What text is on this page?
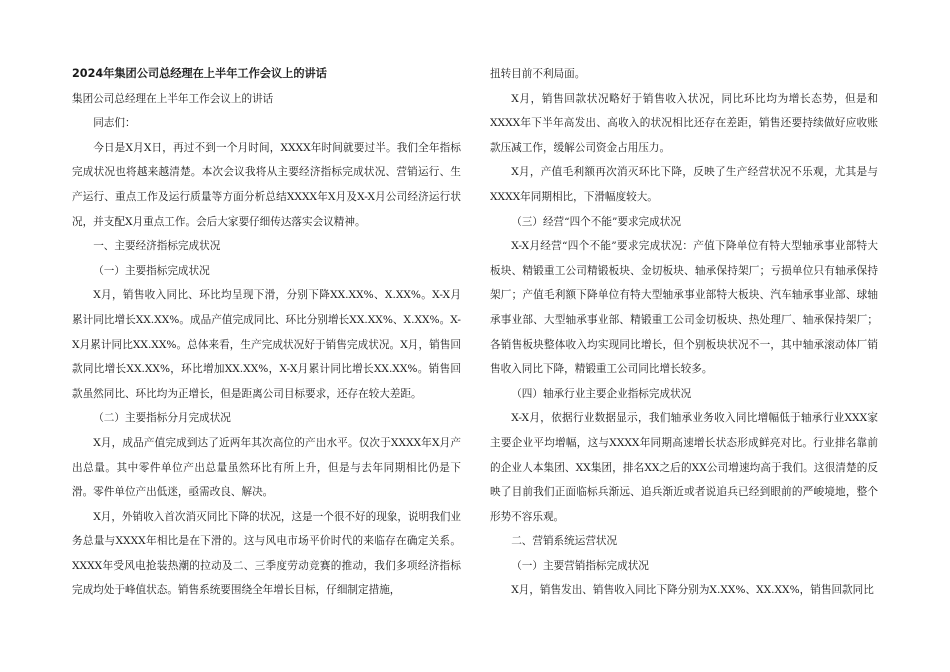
2024年集团公司总经理在上半年工作会议上的讲话

集团公司总经理在上半年工作会议上的讲话

同志们：

今日是X月X日，再过不到一个月时间，XXXX年时间就要过半。我们全年指标完成状况也将越来越清楚。本次会议我将从主要经济指标完成状况、营销运行、生产运行、重点工作及运行质量等方面分析总结XXXX年X月及X-X月公司经济运行状况，并支配X月重点工作。会后大家要仔细传达落实会议精神。

一、主要经济指标完成状况

（一）主要指标完成状况

X月，销售收入同比、环比均呈现下滑，分别下降XX.XX%、X.XX%。X-X月累计同比增长XX.XX%。成品产值完成同比、环比分别增长XX.XX%、X.XX%。X-X月累计同比XX.XX%。总体来看，生产完成状况好于销售完成状况。X月，销售回款同比增长XX.XX%，环比增加XX.XX%，X-X月累计同比增长XX.XX%。销售回款虽然同比、环比均为正增长，但是距离公司目标要求，还存在较大差距。

（二）主要指标分月完成状况

X月，成品产值完成到达了近两年其次高位的产出水平。仅次于XXXX年X月产出总量。其中零件单位产出总量虽然环比有所上升，但是与去年同期相比仍是下滑。零件单位产出低迷，亟需改良、解决。

X月，外销收入首次消灭同比下降的状况，这是一个很不好的现象，说明我们业务总量与XXXX年相比是在下滑的。这与风电市场平价时代的来临存在确定关系。XXXX年受风电抢装热潮的拉动及二、三季度劳动竞赛的推动，我们多项经济指标完成均处于峰值状态。销售系统要围绕全年增长目标，仔细制定措施，

扭转目前不利局面。

X月，销售回款状况略好于销售收入状况，同比环比均为增长态势，但是和XXXX年下半年高发出、高收入的状况相比还存在差距，销售还要持续做好应收账款压减工作，缓解公司资金占用压力。

X月，产值毛利额再次消灭环比下降，反映了生产经营状况不乐观，尤其是与XXXX年同期相比，下滑幅度较大。

（三）经营“四个不能”要求完成状况

X-X月经营“四个不能”要求完成状况：产值下降单位有特大型轴承事业部特大板块、精锻重工公司精锻板块、金切板块、轴承保持架厂；亏损单位只有轴承保持架厂；产值毛利额下降单位有特大型轴承事业部特大板块、汽车轴承事业部、球轴承事业部、大型轴承事业部、精锻重工公司金切板块、热处理厂、轴承保持架厂；各销售板块整体收入均实现同比增长，但个别板块状况不一，其中轴承滚动体厂销售收入同比下降，精锻重工公司同比增长较多。

（四）轴承行业主要企业指标完成状况

X-X月，依据行业数据显示，我们轴承业务收入同比增幅低于轴承行业XXX家主要企业平均增幅，这与XXXX年同期高速增长状态形成鲜亮对比。行业排名靠前的企业人本集团、XX集团，排名XX之后的XX公司增速均高于我们。这很清楚的反映了目前我们正面临标兵渐远、追兵渐近或者说追兵已经到眼前的严峻境地，整个形势不容乐观。

二、营销系统运营状况

（一）主要营销指标完成状况

X月，销售发出、销售收入同比下降分别为X.XX%、XX.XX%，销售回款同比
